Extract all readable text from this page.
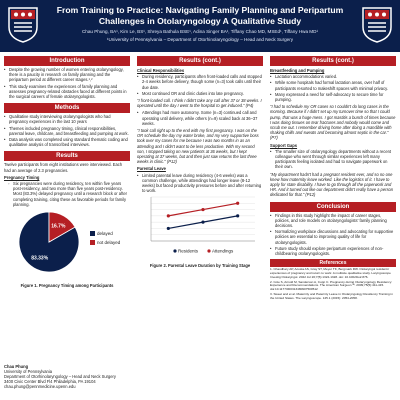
From Training to Practice: Navigating Family Planning and Peripartum
Challenges in Otolaryngology A Qualitative Study
Chau Phung, BA¹, Kim Le, BS¹, Shreya Bathula BSE¹, Adina Singer BA¹, Tiffany Chao MD, MSEd¹, Tiffany Hwa MD¹
¹University of Pennsylvania – Department of Otorhinolaryngology – Head and Neck Surgery
Introduction
• Despite the growing number of women entering otolaryngology, there is a paucity in research on family planning and the peripartum period at different career stages.¹,²
• This study examines the experiences of family planning and assesses pregnancy-related obstacles faced at different points in the surgical careers of female otolaryngologists.
Methods
• Qualitative study interviewing otolaryngologists who had pregnancy experiences in the last 10 years
• Themes included pregnancy timing, clinical responsibilities, parental leave, childcare, and breastfeeding and pumping at work.
• Data analysis was completed using standard thematic coding and qualitative analysis of transcribed interviews.
Results
Twelve participants from eight institutions were interviewed. Each had an average of 2.3 pregnancies.
Pregnancy Timing
◦ Six pregnancies were during residency, ten within five years post-residency, and two more than five years post-residency. Most (83.3%) delayed pregnancy until a research block or after completing training, citing these as favorable periods for family planning.
83.33%
16.7%
delayed
not delayed
Figure 1. Pregnancy Timing among Participants
Chau Phung
University of Pennsylvania
Department of Otorhinolaryngology – Head and Neck Surgery
3400 Civic Center Blvd Fl4 Philadelphia, PA 19104
chau.phung@pennmedicine.upenn.edu
Results (cont.)
Clinical Responsibilities
• During residency, participants often front-loaded calls and stopped 2-4 weeks before delivery, though some (n=3) took calls until their due date.
• Most continued OR and clinic duties into late pregnancy.
"I front-loaded call. I think I didn't take any call after 37 or 38 weeks. I operated until the day I went to the hospital to get induced." (P4)
• Attendings had more autonomy. Some (n=3) continued call and operating until delivery, while others (n=9) scaled back at 36–37 weeks.
"I took call right up to the end with my first pregnancy. I was on the OR schedule the day my water broke, and my very supportive boss took over my cases for me because I was two months in as an attending and I didn't want to be less productive. With my second son, I stopped taking on new patients at 36 weeks, but I kept operating at 37 weeks, but and then just saw returns the last three weeks in clinic." (P12)
Parental Leave
• Limited parental leave during residency (4-6 weeks) was a common challenge, while attendings had longer leave (8-12 weeks) but faced productivity pressures before and after returning to work.
Residents	Attendings
Figure 2. Parental Leave Duration by Training Stage
Results (cont.)
Breastfeeding and Pumping
• Lactation accommodations varied.
• While some hospitals had formal lactation areas, over half of participants resorted to makeshift spaces with minimal privacy.
• Many expressed a need for self-advocacy to secure time for pumping.
"I had to schedule my OR cases so I couldn't do long cases in the morning. Because if I didn't set up my turnover time so that I could pump, that was a huge mess. I got mastitis a bunch of times because I was doing tissues on tear fractures and nobody would come and scrub me out. I remember driving home after doing a mandible with shaking chills and sweats and becoming almost septic in the car." (P7)
Support Gaps
• The smaller size of otolaryngology departments without a recent colleague who went through similar experiences left many participants feeling isolated and had to navigate paperwork on their own.
"My department hadn't had a pregnant resident ever, and so no one knew how maternity leave worked. Like the logistics of it. I have to apply for state disability. I have to go through all the paperwork and HR. And it turned out like our department didn't really have a person dedicated for that." (P12)
Conclusion
• Findings in this study highlight the impact of career stages, policies, and role models on otolaryngologists' family planning decisions.
• Normalizing workplace discussions and advocating for supportive policies are essential to improving quality of life for otolaryngologists.
• Future study should explore peripartum experiences of non-childbearing otolaryngologists.
References
1. Chaudhary AP, Acosta AS, Gray ST, Meyer TK, Bergmark RW. Otolaryngol residents' experiences of pregnancy and return to work: A multisite qualitative study. Laryngoscope Investig Otolaryngol. 2022 Jul 20;7(5):1322-1328. doi: 10.1002/lio2.876.
2. Cole S, Arnold M, Sanderson A, Cupp C. Pregnancy during Otolaryngology Residency: Experience and Recommendations. The American Surgeon™. 2009;75(5):411-415. doi:10.1177/000313480907500512
3. Sweet and et al. Maternity and Paternity Leave in Otolaryngology Residency Training in the United States. The Laryngoscope. 125.1 (2015): 2054-2058.
